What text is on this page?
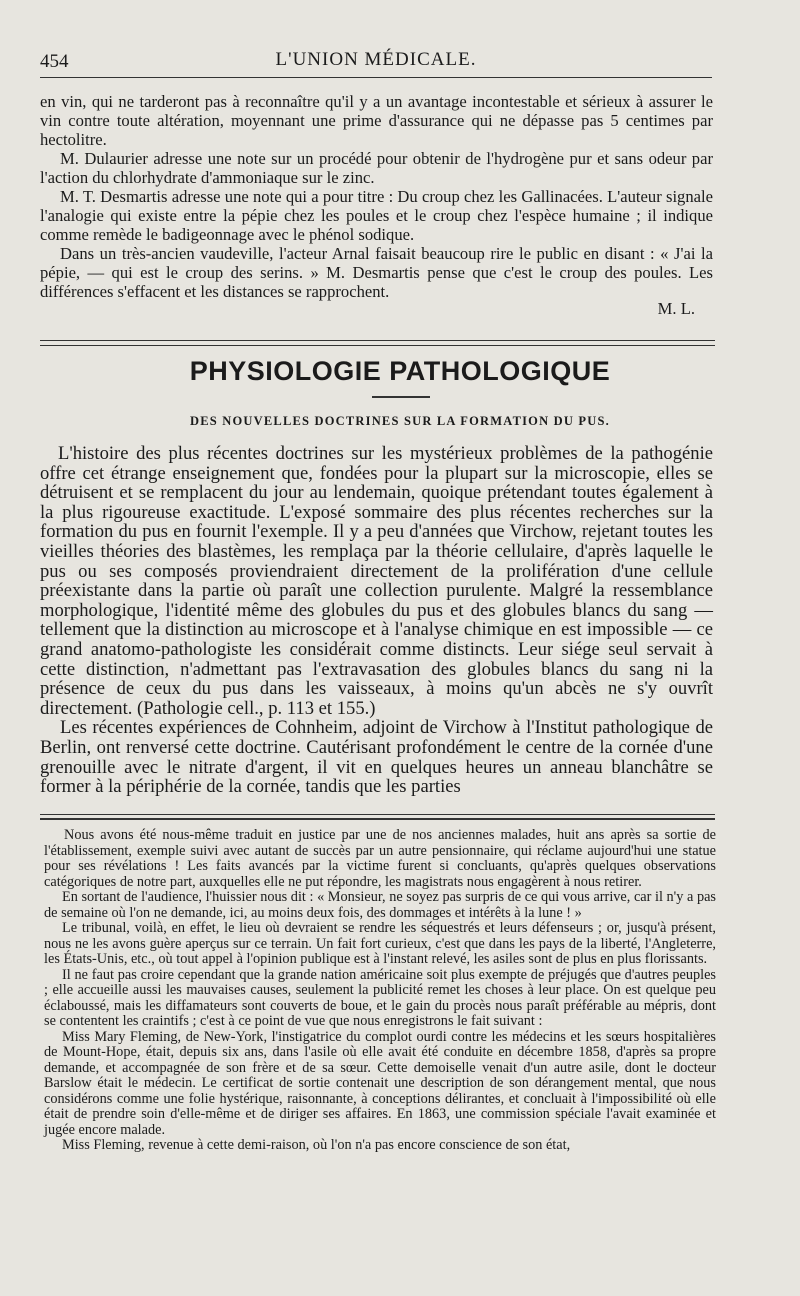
454	L'UNION MÉDICALE.

en vin, qui ne tarderont pas à reconnaître qu'il y a un avantage incontestable et sérieux à assurer le vin contre toute altération, moyennant une prime d'assurance qui ne dépasse pas 5 centimes par hectolitre.

M. Dulaurier adresse une note sur un procédé pour obtenir de l'hydrogène pur et sans odeur par l'action du chlorhydrate d'ammoniaque sur le zinc.

M. T. Desmartis adresse une note qui a pour titre : Du croup chez les Gallinacées. L'auteur signale l'analogie qui existe entre la pépie chez les poules et le croup chez l'espèce humaine ; il indique comme remède le badigeonnage avec le phénol sodique.

Dans un très-ancien vaudeville, l'acteur Arnal faisait beaucoup rire le public en disant : « J'ai la pépie, — qui est le croup des serins. » M. Desmartis pense que c'est le croup des poules. Les différences s'effacent et les distances se rapprochent.

M. L.
PHYSIOLOGIE PATHOLOGIQUE
DES NOUVELLES DOCTRINES SUR LA FORMATION DU PUS.

L'histoire des plus récentes doctrines sur les mystérieux problèmes de la pathogénie offre cet étrange enseignement que, fondées pour la plupart sur la microscopie, elles se détruisent et se remplacent du jour au lendemain, quoique prétendant toutes également à la plus rigoureuse exactitude. L'exposé sommaire des plus récentes recherches sur la formation du pus en fournit l'exemple. Il y a peu d'années que Virchow, rejetant toutes les vieilles théories des blastèmes, les remplaça par la théorie cellulaire, d'après laquelle le pus ou ses composés proviendraient directement de la prolifération d'une cellule préexistante dans la partie où paraît une collection purulente. Malgré la ressemblance morphologique, l'identité même des globules du pus et des globules blancs du sang — tellement que la distinction au microscope et à l'analyse chimique en est impossible — ce grand anatomo-pathologiste les considérait comme distincts. Leur siége seul servait à cette distinction, n'admettant pas l'extravasation des globules blancs du sang ni la présence de ceux du pus dans les vaisseaux, à moins qu'un abcès ne s'y ouvrît directement. (Pathologie cell., p. 113 et 155.)

Les récentes expériences de Cohnheim, adjoint de Virchow à l'Institut pathologique de Berlin, ont renversé cette doctrine. Cautérisant profondément le centre de la cornée d'une grenouille avec le nitrate d'argent, il vit en quelques heures un anneau blanchâtre se former à la périphérie de la cornée, tandis que les parties

Nous avons été nous-même traduit en justice par une de nos anciennes malades, huit ans après sa sortie de l'établissement, exemple suivi avec autant de succès par un autre pensionnaire, qui réclame aujourd'hui une statue pour ses révélations ! Les faits avancés par la victime furent si concluants, qu'après quelques observations catégoriques de notre part, auxquelles elle ne put répondre, les magistrats nous engagèrent à nous retirer.

En sortant de l'audience, l'huissier nous dit : « Monsieur, ne soyez pas surpris de ce qui vous arrive, car il n'y a pas de semaine où l'on ne demande, ici, au moins deux fois, des dommages et intérêts à la lune ! »

Le tribunal, voilà, en effet, le lieu où devraient se rendre les séquestrés et leurs défenseurs ; or, jusqu'à présent, nous ne les avons guère aperçus sur ce terrain. Un fait fort curieux, c'est que dans les pays de la liberté, l'Angleterre, les États-Unis, etc., où tout appel à l'opinion publique est à l'instant relevé, les asiles sont de plus en plus florissants.

Il ne faut pas croire cependant que la grande nation américaine soit plus exempte de préjugés que d'autres peuples ; elle accueille aussi les mauvaises causes, seulement la publicité remet les choses à leur place. On est quelque peu éclaboussé, mais les diffamateurs sont couverts de boue, et le gain du procès nous paraît préférable au mépris, dont se contentent les craintifs ; c'est à ce point de vue que nous enregistrons le fait suivant :

Miss Mary Fleming, de New-York, l'instigatrice du complot ourdi contre les médecins et les sœurs hospitalières de Mount-Hope, était, depuis six ans, dans l'asile où elle avait été conduite en décembre 1858, d'après sa propre demande, et accompagnée de son frère et de sa sœur. Cette demoiselle venait d'un autre asile, dont le docteur Barslow était le médecin. Le certificat de sortie contenait une description de son dérangement mental, que nous considérons comme une folie hystérique, raisonnante, à conceptions délirantes, et concluait à l'impossibilité où elle était de prendre soin d'elle-même et de diriger ses affaires. En 1863, une commission spéciale l'avait examinée et jugée encore malade.

Miss Fleming, revenue à cette demi-raison, où l'on n'a pas encore conscience de son état,
